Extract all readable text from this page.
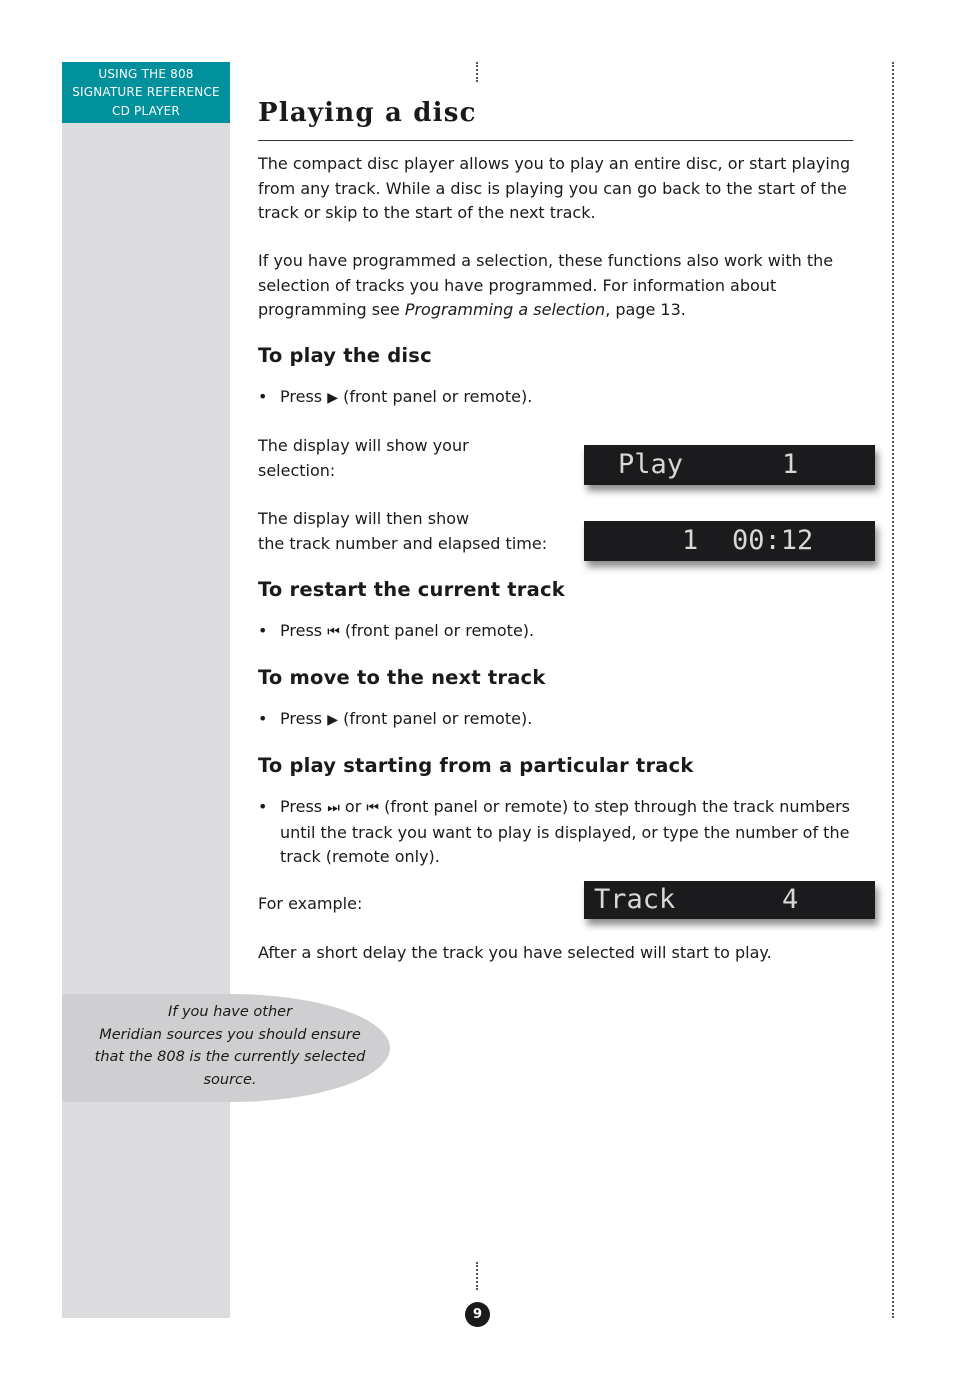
USING THE 808
SIGNATURE REFERENCE
CD PLAYER	Playing a disc

The compact disc player allows you to play an entire disc, or start playing from any track. While a disc is playing you can go back to the start of the track or skip to the start of the next track.

If you have programmed a selection, these functions also work with the selection of tracks you have programmed. For information about programming see Programming a selection, page 13.

To play the disc
• Press ▶ (front panel or remote).
The display will show your
selection:

	Play

	1

The display will then show
the track number and elapsed time:

	1

00:12

To restart the current track
• Press ⏮ (front panel or remote).
To move to the next track
• Press ▶ (front panel or remote).
To play starting from a particular track
• Press ⏭ or ⏮ (front panel or remote) to step through the track numbers until the track you want to play is displayed, or type the number of the track (remote only).
For example:

	Track

	4

After a short delay the track you have selected will start to play.

If you have other
Meridian sources you should ensure
that the 808 is the currently selected
source.
9
